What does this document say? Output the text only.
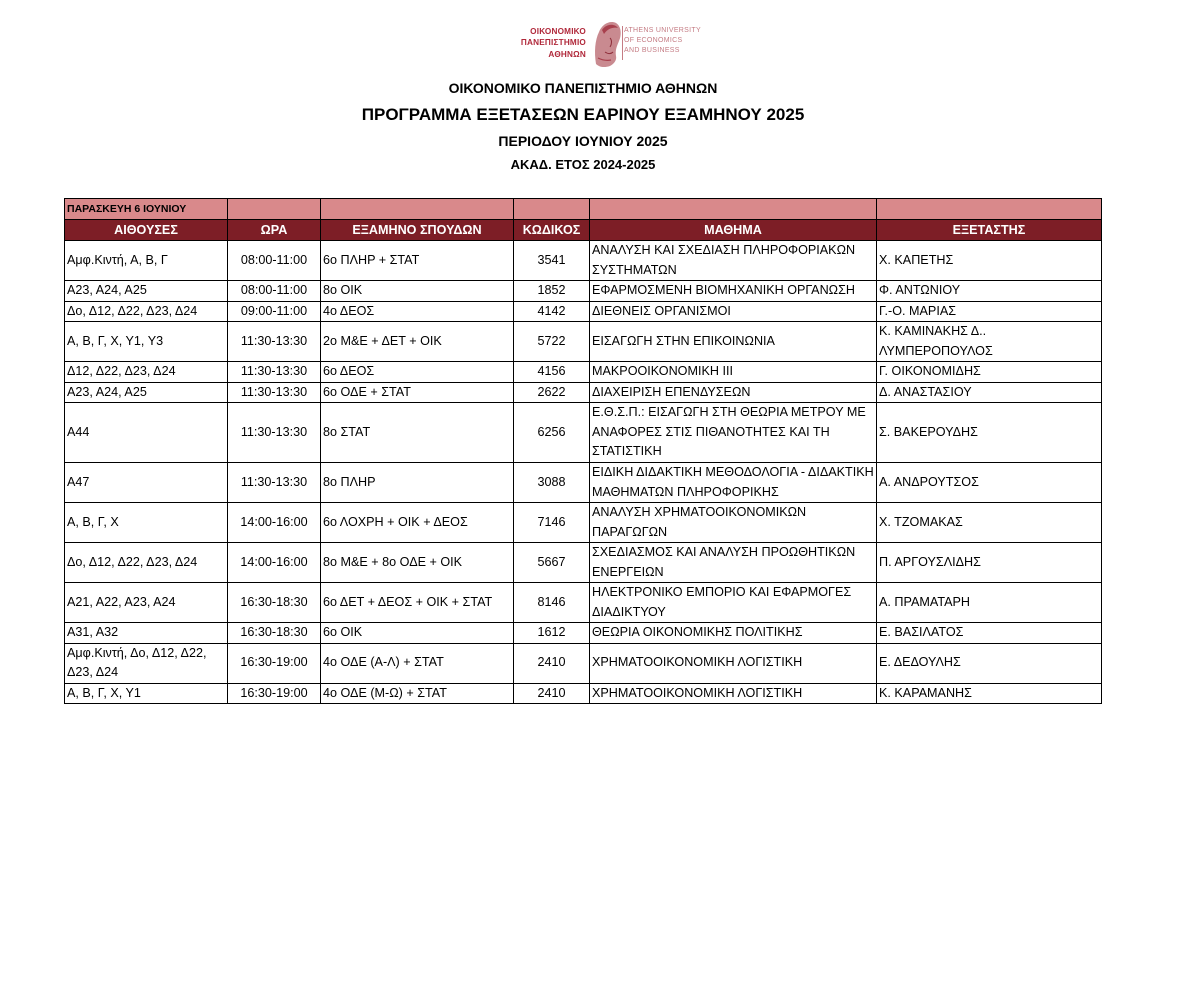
ΟΙΚΟΝΟΜΙΚΟ
ΠΑΝΕΠΙΣΤΗΜΙΟ
ΑΘΗΝΩΝ
ATHENS UNIVERSITY
OF ECONOMICS
AND BUSINESS
ΟΙΚΟΝΟΜΙΚΟ ΠΑΝΕΠΙΣΤΗΜΙΟ ΑΘΗΝΩΝ
ΠΡΟΓΡΑΜΜΑ ΕΞΕΤΑΣΕΩΝ ΕΑΡΙΝΟΥ ΕΞΑΜΗΝΟΥ 2025
ΠΕΡΙΟΔΟΥ ΙΟΥΝΙΟΥ 2025
ΑΚΑΔ. ΕΤΟΣ 2024-2025
ΠΑΡΑΣΚΕΥΗ 6 ΙΟΥΝΙΟΥ					
ΑΙΘΟΥΣΕΣ	ΩΡΑ	ΕΞΑΜΗΝΟ ΣΠΟΥΔΩΝ	ΚΩΔΙΚΟΣ	ΜΑΘΗΜΑ	ΕΞΕΤΑΣΤΗΣ
Αμφ.Κιντή, Α, Β, Γ	08:00-11:00	6ο ΠΛΗΡ + ΣΤΑΤ	3541	ΑΝΑΛΥΣΗ ΚΑΙ ΣΧΕΔΙΑΣΗ ΠΛΗΡΟΦΟΡΙΑΚΩΝ ΣΥΣΤΗΜΑΤΩΝ	Χ. ΚΑΠΕΤΗΣ
Α23, Α24, Α25	08:00-11:00	8ο ΟΙΚ	1852	ΕΦΑΡΜΟΣΜΕΝΗ ΒΙΟΜΗΧΑΝΙΚΗ ΟΡΓΑΝΩΣΗ	Φ. ΑΝΤΩΝΙΟΥ
Δο, Δ12, Δ22, Δ23, Δ24	09:00-11:00	4ο ΔΕΟΣ	4142	ΔΙΕΘΝΕΙΣ ΟΡΓΑΝΙΣΜΟΙ	Γ.-Ο. ΜΑΡΙΑΣ
Α, Β, Γ, Χ, Υ1, Υ3	11:30-13:30	2ο Μ&Ε + ΔΕΤ + ΟΙΚ	5722	ΕΙΣΑΓΩΓΗ ΣΤΗΝ ΕΠΙΚΟΙΝΩΝΙΑ	Κ. ΚΑΜΙΝΑΚΗΣ Δ.. ΛΥΜΠΕΡΟΠΟΥΛΟΣ
Δ12, Δ22, Δ23, Δ24	11:30-13:30	6ο ΔΕΟΣ	4156	ΜΑΚΡΟΟΙΚΟΝΟΜΙΚΗ ΙΙΙ	Γ. ΟΙΚΟΝΟΜΙΔΗΣ
Α23, Α24, Α25	11:30-13:30	6ο ΟΔΕ + ΣΤΑΤ	2622	ΔΙΑΧΕΙΡΙΣΗ ΕΠΕΝΔΥΣΕΩΝ	Δ. ΑΝΑΣΤΑΣΙΟΥ
Α44	11:30-13:30	8ο ΣΤΑΤ	6256	Ε.Θ.Σ.Π.: ΕΙΣΑΓΩΓΗ ΣΤΗ ΘΕΩΡΙΑ ΜΕΤΡΟΥ ΜΕ ΑΝΑΦΟΡΕΣ ΣΤΙΣ ΠΙΘΑΝΟΤΗΤΕΣ ΚΑΙ ΤΗ ΣΤΑΤΙΣΤΙΚΗ	Σ. ΒΑΚΕΡΟΥΔΗΣ
Α47	11:30-13:30	8ο ΠΛΗΡ	3088	ΕΙΔΙΚΗ ΔΙΔΑΚΤΙΚΗ ΜΕΘΟΔΟΛΟΓΙΑ - ΔΙΔΑΚΤΙΚΗ ΜΑΘΗΜΑΤΩΝ ΠΛΗΡΟΦΟΡΙΚΗΣ	Α. ΑΝΔΡΟΥΤΣΟΣ
Α, Β, Γ, Χ	14:00-16:00	6ο ΛΟΧΡΗ + ΟΙΚ + ΔΕΟΣ	7146	ΑΝΑΛΥΣΗ ΧΡΗΜΑΤΟΟΙΚΟΝΟΜΙΚΩΝ ΠΑΡΑΓΩΓΩΝ	Χ. ΤΖΟΜΑΚΑΣ
Δο, Δ12, Δ22, Δ23, Δ24	14:00-16:00	8ο Μ&Ε + 8ο ΟΔΕ + ΟΙΚ	5667	ΣΧΕΔΙΑΣΜΟΣ ΚΑΙ ΑΝΑΛΥΣΗ ΠΡΟΩΘΗΤΙΚΩΝ ΕΝΕΡΓΕΙΩΝ	Π. ΑΡΓΟΥΣΛΙΔΗΣ
Α21, Α22, Α23, Α24	16:30-18:30	6ο ΔΕΤ + ΔΕΟΣ + ΟΙΚ + ΣΤΑΤ	8146	ΗΛΕΚΤΡΟΝΙΚΟ ΕΜΠΟΡΙΟ ΚΑΙ ΕΦΑΡΜΟΓΕΣ ΔΙΑΔΙΚΤΥΟΥ	Α. ΠΡΑΜΑΤΑΡΗ
Α31, Α32	16:30-18:30	6ο ΟΙΚ	1612	ΘΕΩΡΙΑ ΟΙΚΟΝΟΜΙΚΗΣ ΠΟΛΙΤΙΚΗΣ	Ε. ΒΑΣΙΛΑΤΟΣ
Αμφ.Κιντή, Δο, Δ12, Δ22, Δ23, Δ24	16:30-19:00	4ο ΟΔΕ (Α-Λ) + ΣΤΑΤ	2410	ΧΡΗΜΑΤΟΟΙΚΟΝΟΜΙΚΗ ΛΟΓΙΣΤΙΚΗ	Ε. ΔΕΔΟΥΛΗΣ
Α, Β, Γ, Χ, Υ1	16:30-19:00	4ο ΟΔΕ (Μ-Ω) + ΣΤΑΤ	2410	ΧΡΗΜΑΤΟΟΙΚΟΝΟΜΙΚΗ ΛΟΓΙΣΤΙΚΗ	Κ. ΚΑΡΑΜΑΝΗΣ
